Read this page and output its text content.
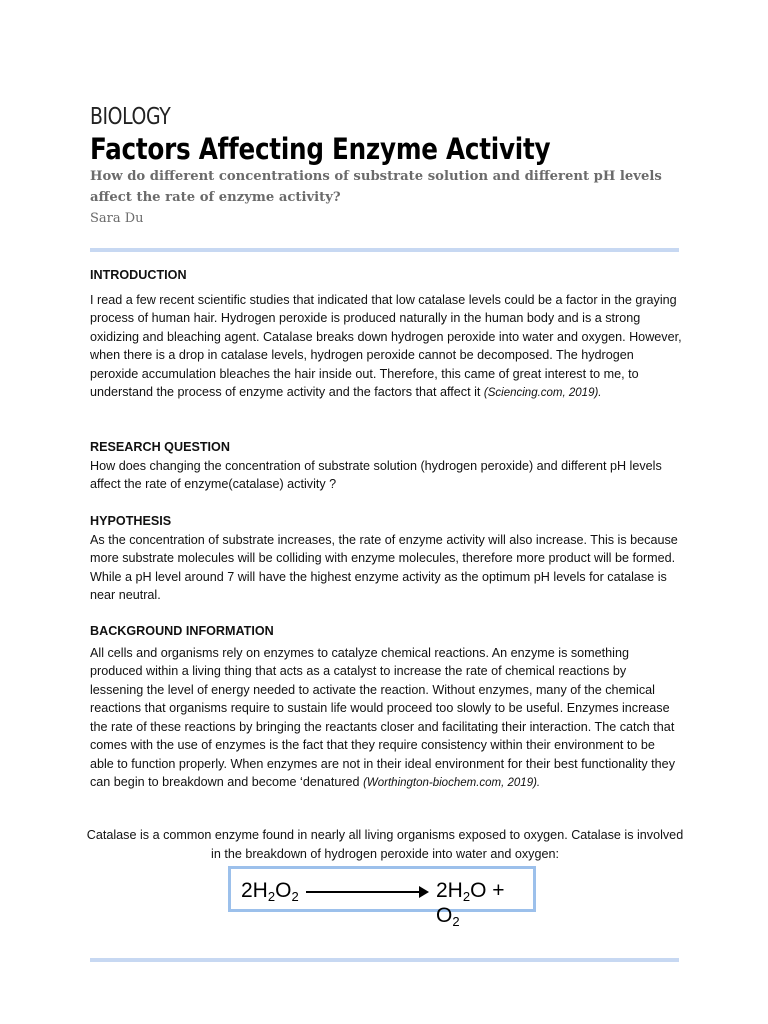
BIOLOGY
Factors Affecting Enzyme Activity
How do different concentrations of substrate solution and different pH levels affect the rate of enzyme activity?
Sara Du
INTRODUCTION

I read a few recent scientific studies that indicated that low catalase levels could be a factor in the graying process of human hair. Hydrogen peroxide is produced naturally in the human body and is a strong oxidizing and bleaching agent. Catalase breaks down hydrogen peroxide into water and oxygen. However, when there is a drop in catalase levels, hydrogen peroxide cannot be decomposed. The hydrogen peroxide accumulation bleaches the hair inside out. Therefore, this came of great interest to me, to understand the process of enzyme activity and the factors that affect it (Sciencing.com, 2019).

RESEARCH QUESTION

How does changing the concentration of substrate solution (hydrogen peroxide) and different pH levels affect the rate of enzyme(catalase) activity ?

HYPOTHESIS

As the concentration of substrate increases, the rate of enzyme activity will also increase. This is because more substrate molecules will be colliding with enzyme molecules, therefore more product will be formed. While a pH level around 7 will have the highest enzyme activity as the optimum pH levels for catalase is near neutral.

BACKGROUND INFORMATION

All cells and organisms rely on enzymes to catalyze chemical reactions. An enzyme is something produced within a living thing that acts as a catalyst to increase the rate of chemical reactions by lessening the level of energy needed to activate the reaction. Without enzymes, many of the chemical reactions that organisms require to sustain life would proceed too slowly to be useful. Enzymes increase the rate of these reactions by bringing the reactants closer and facilitating their interaction. The catch that comes with the use of enzymes is the fact that they require consistency within their environment to be able to function properly. When enzymes are not in their ideal environment for their best functionality they can begin to breakdown and become ‘denatured (Worthington-biochem.com, 2019).

Catalase is a common enzyme found in nearly all living organisms exposed to oxygen. Catalase is involved in the breakdown of hydrogen peroxide into water and oxygen:
$2H_2O_2$	$2H_2O + O_2$
